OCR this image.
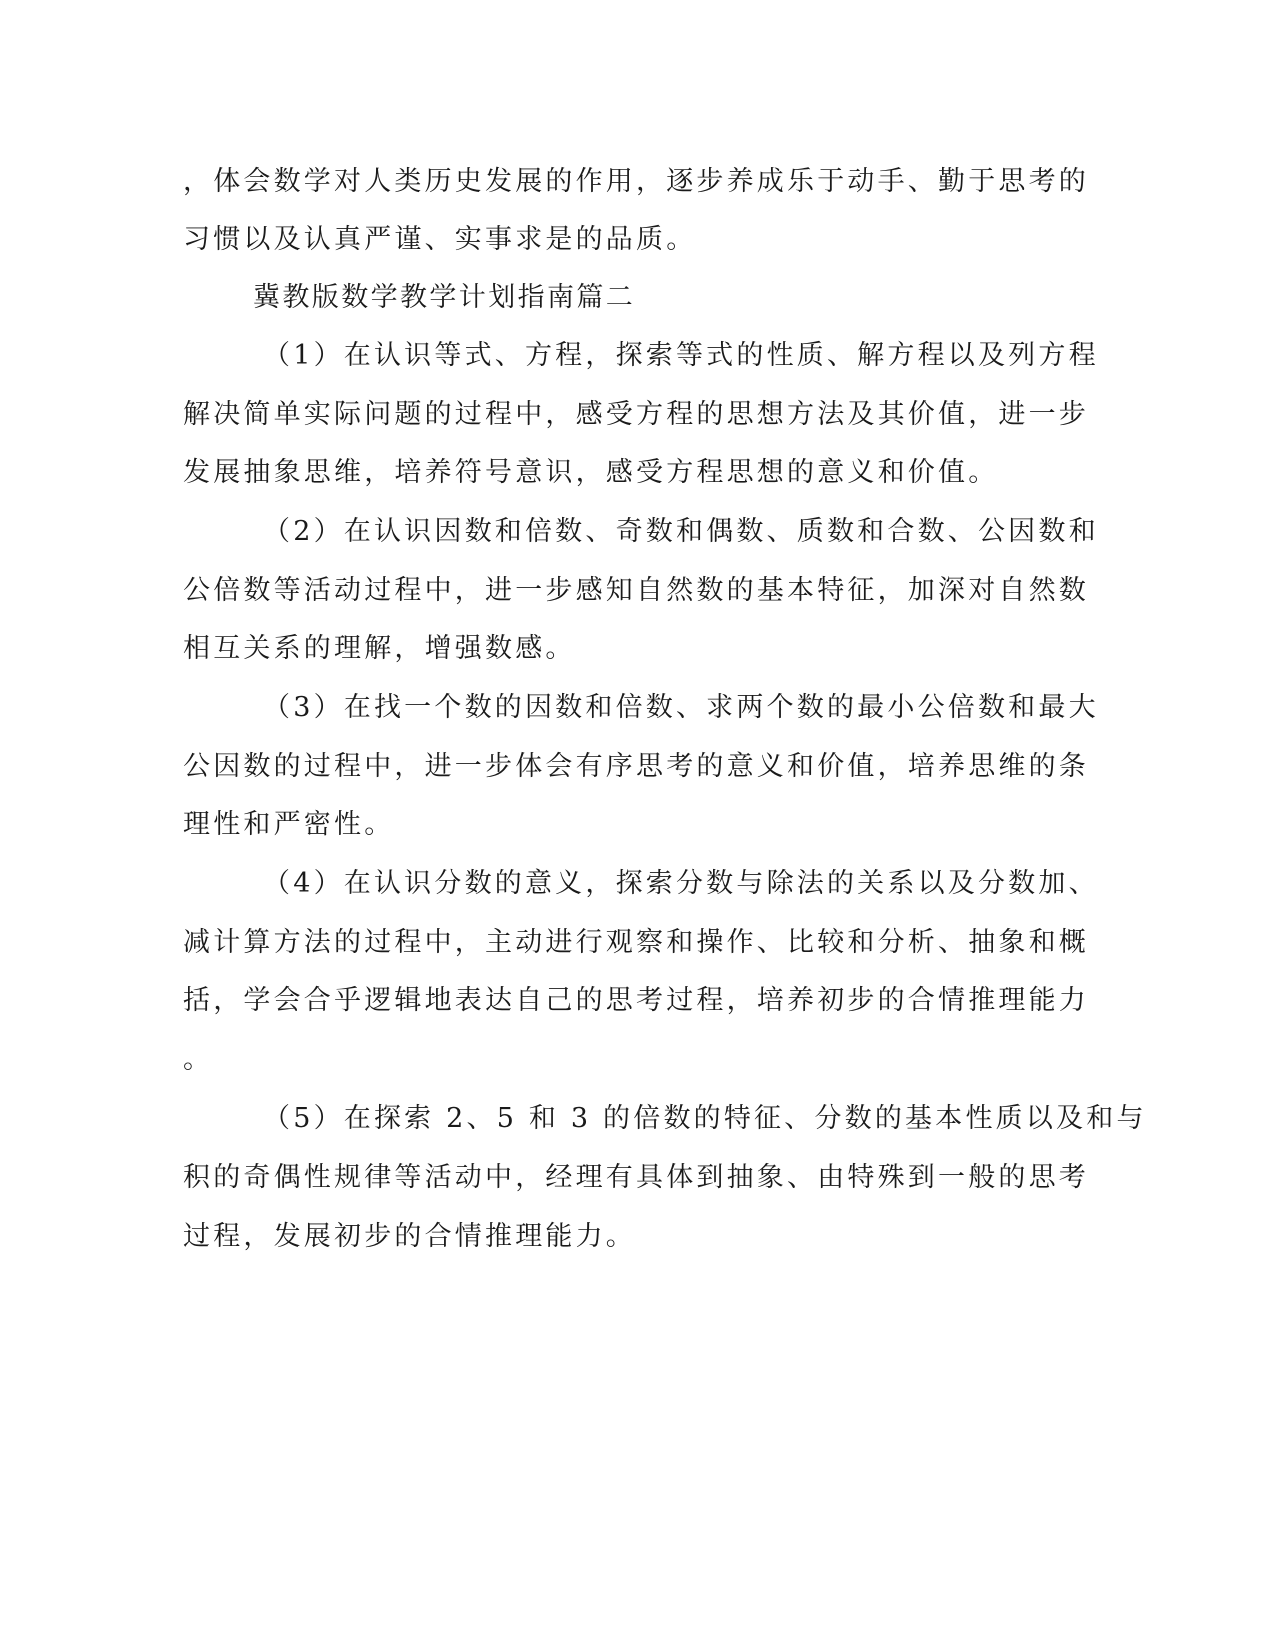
，体会数学对人类历史发展的作用，逐步养成乐于动手、勤于思考的
习惯以及认真严谨、实事求是的品质。
冀教版数学教学计划指南篇二
（1）在认识等式、方程，探索等式的性质、解方程以及列方程
解决简单实际问题的过程中，感受方程的思想方法及其价值，进一步
发展抽象思维，培养符号意识，感受方程思想的意义和价值。
（2）在认识因数和倍数、奇数和偶数、质数和合数、公因数和
公倍数等活动过程中，进一步感知自然数的基本特征，加深对自然数
相互关系的理解，增强数感。
（3）在找一个数的因数和倍数、求两个数的最小公倍数和最大
公因数的过程中，进一步体会有序思考的意义和价值，培养思维的条
理性和严密性。
（4）在认识分数的意义，探索分数与除法的关系以及分数加、
减计算方法的过程中，主动进行观察和操作、比较和分析、抽象和概
括，学会合乎逻辑地表达自己的思考过程，培养初步的合情推理能力
。
（5）在探索 2、5 和 3 的倍数的特征、分数的基本性质以及和与
积的奇偶性规律等活动中，经理有具体到抽象、由特殊到一般的思考
过程，发展初步的合情推理能力。
